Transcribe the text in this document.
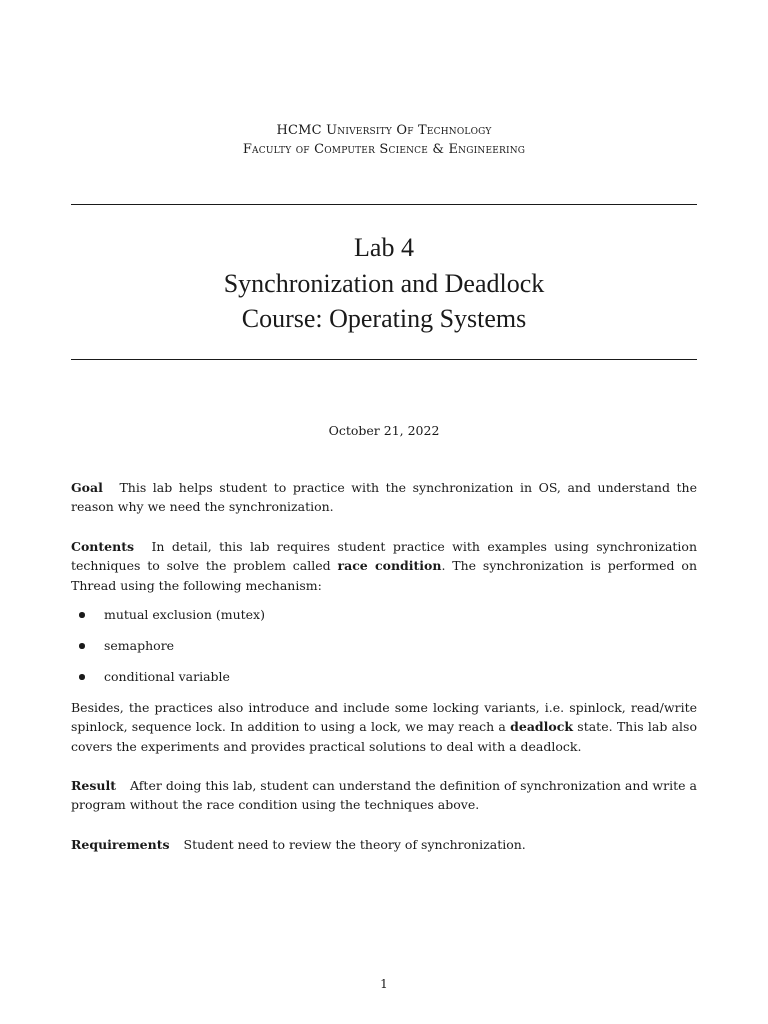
HCMC University Of Technology
Faculty of Computer Science & Engineering
Lab 4
Synchronization and Deadlock
Course: Operating Systems
October 21, 2022
Goal This lab helps student to practice with the synchronization in OS, and understand the reason why we need the synchronization.
Contents In detail, this lab requires student practice with examples using synchronization techniques to solve the problem called race condition. The synchronization is performed on Thread using the following mechanism:
mutual exclusion (mutex)
semaphore
conditional variable
Besides, the practices also introduce and include some locking variants, i.e. spinlock, read/write spinlock, sequence lock. In addition to using a lock, we may reach a deadlock state. This lab also covers the experiments and provides practical solutions to deal with a deadlock.
Result After doing this lab, student can understand the definition of synchronization and write a program without the race condition using the techniques above.
Requirements Student need to review the theory of synchronization.
1
